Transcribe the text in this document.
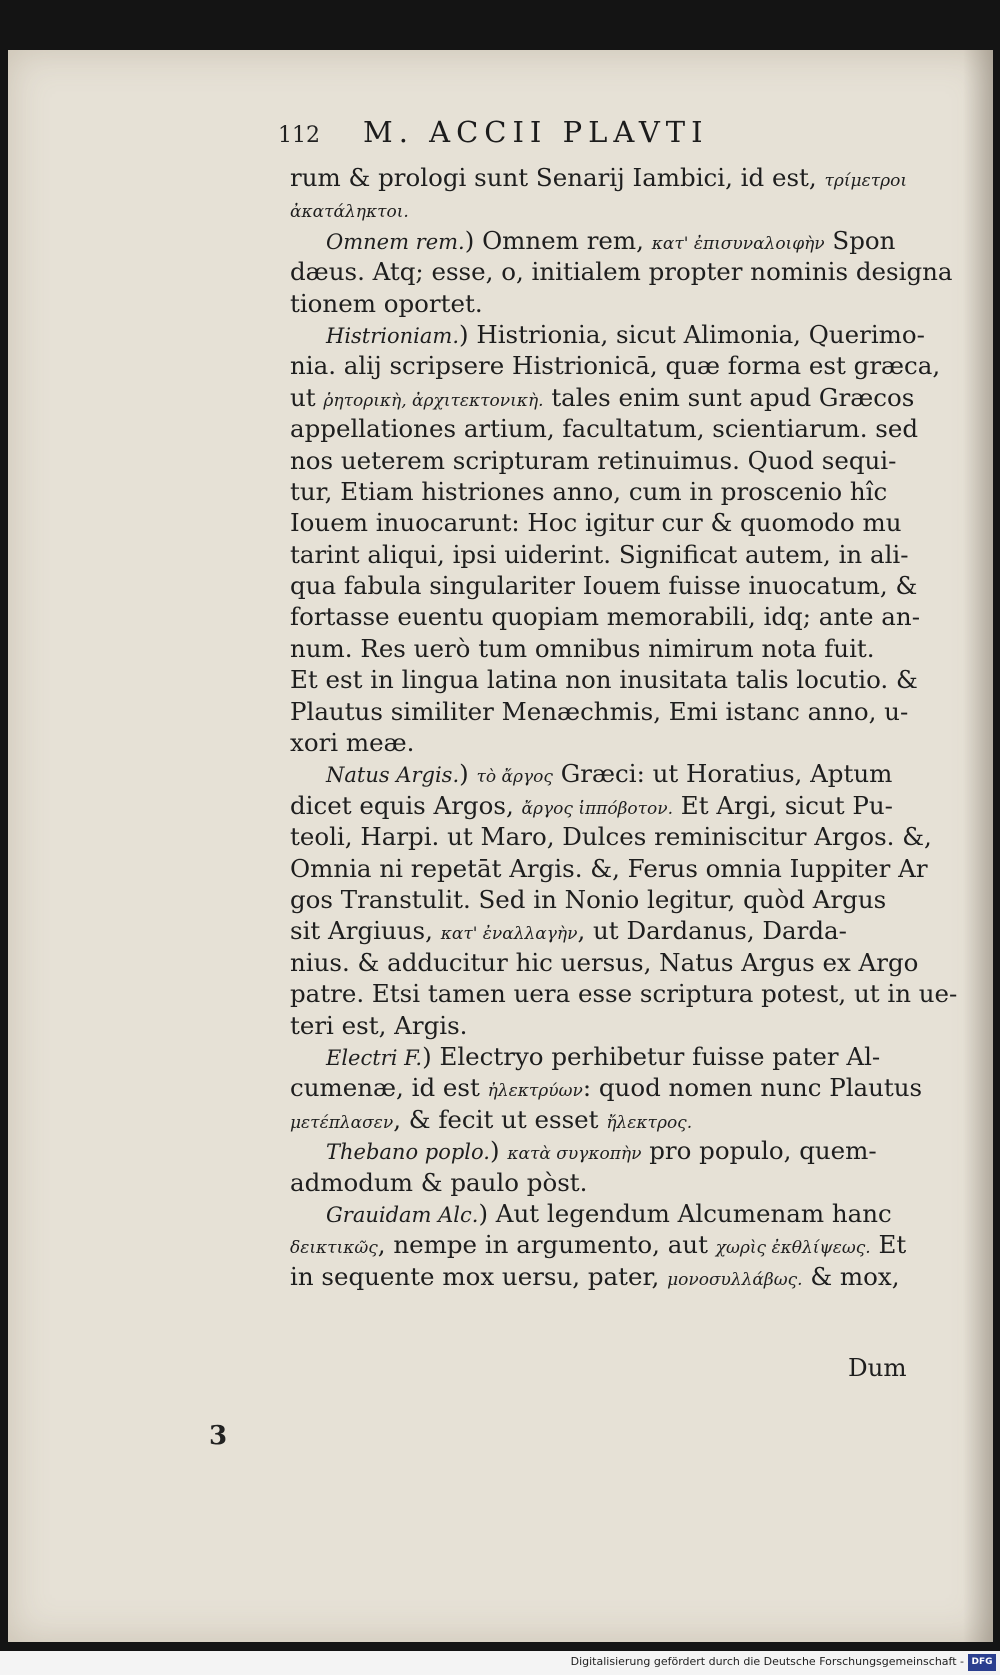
112 M. ACCII PLAVTI
rum & prologi sunt Senarij Iambici, id est, τρίμετροι
ἀκατάληκτοι.
Omnem rem.) Omnem rem, κατ' ἐπισυναλοιφὴν Spon
dæus. Atq; esse, o, initialem propter nominis designa
tionem oportet.
Histrioniam.) Histrionia, sicut Alimonia, Querimo-
nia. alij scripsere Histrionicā, quæ forma est græca,
ut ῥητορικὴ, ἀρχιτεκτονικὴ. tales enim sunt apud Græcos
appellationes artium, facultatum, scientiarum. sed
nos ueterem scripturam retinuimus. Quod sequi-
tur, Etiam histriones anno, cum in proscenio hîc
Iouem inuocarunt: Hoc igitur cur & quomodo mu
tarint aliqui, ipsi uiderint. Significat autem, in ali-
qua fabula singulariter Iouem fuisse inuocatum, &
fortasse euentu quopiam memorabili, idq; ante an-
num. Res uerò tum omnibus nimirum nota fuit.
Et est in lingua latina non inusitata talis locutio. &
Plautus similiter Menæchmis, Emi istanc anno, u-
xori meæ.
Natus Argis.) τὸ ἄργος Græci: ut Horatius, Aptum
dicet equis Argos, ἄργος ἱππόβοτον. Et Argi, sicut Pu-
teoli, Harpi. ut Maro, Dulces reminiscitur Argos. &,
Omnia ni repetāt Argis. &, Ferus omnia Iuppiter Ar
gos Transtulit. Sed in Nonio legitur, quòd Argus
sit Argiuus, κατ' ἐναλλαγὴν, ut Dardanus, Darda-
nius. & adducitur hic uersus, Natus Argus ex Argo
patre. Etsi tamen uera esse scriptura potest, ut in ue-
teri est, Argis.
Electri F.) Electryo perhibetur fuisse pater Al-
cumenæ, id est ἠλεκτρύων: quod nomen nunc Plautus
μετέπλασεν, & fecit ut esset ἤλεκτρος.
Thebano poplo.) κατὰ συγκοπὴν pro populo, quem-
admodum & paulo pòst.
Grauidam Alc.) Aut legendum Alcumenam hanc
δεικτικῶς, nempe in argumento, aut χωρὶς ἐκθλίψεως. Et
in sequente mox uersu, pater, μονοσυλλάβως. & mox,
Dum
3
Digitalisierung gefördert durch die Deutsche Forschungsgemeinschaft - DFG
